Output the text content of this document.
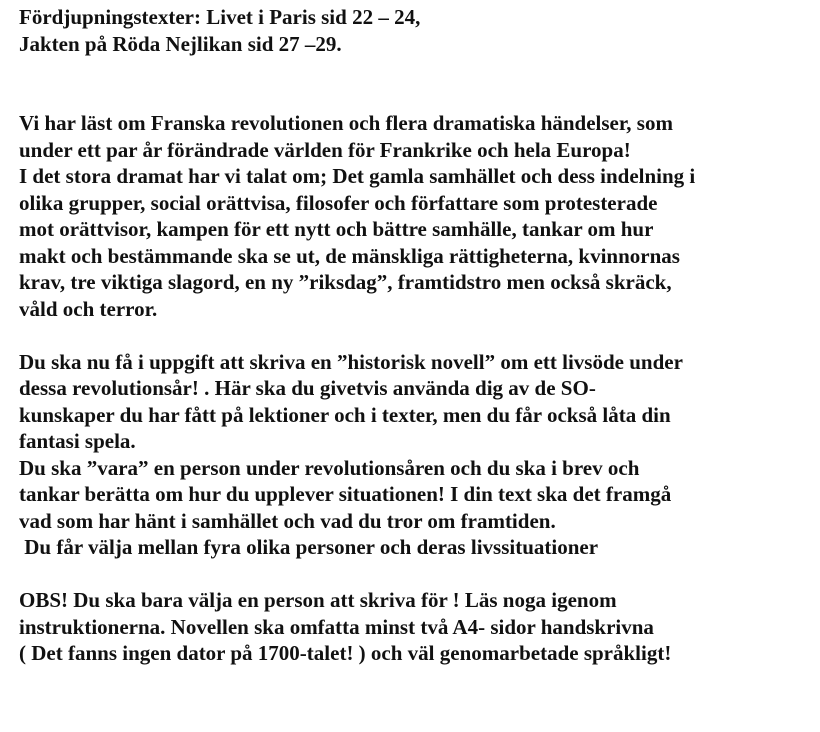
Fördjupningstexter: Livet i Paris sid 22 – 24,
Jakten på Röda Nejlikan sid 27 –29.
Vi har läst om Franska revolutionen och flera dramatiska händelser, som
under ett par år förändrade världen för Frankrike och hela Europa!
I det stora dramat har vi talat om; Det gamla samhället och dess indelning i
olika grupper, social orättvisa, filosofer och författare som protesterade
mot orättvisor, kampen för ett nytt och bättre samhälle, tankar om hur
makt och bestämmande ska se ut, de mänskliga rättigheterna, kvinnornas
krav, tre viktiga slagord, en ny ”riksdag”, framtidstro men också skräck,
våld och terror.
Du ska nu få i uppgift att skriva en ”historisk novell” om ett livsöde under
dessa revolutionsår! . Här ska du givetvis använda dig av de SO-
kunskaper du har fått på lektioner och i texter, men du får också låta din
fantasi spela.
Du ska ”vara” en person under revolutionsåren och du ska i brev och
tankar berätta om hur du upplever situationen! I din text ska det framgå
vad som har hänt i samhället och vad du tror om framtiden.
Du får välja mellan fyra olika personer och deras livssituationer
OBS! Du ska bara välja en person att skriva för ! Läs noga igenom
instruktionerna. Novellen ska omfatta minst två A4- sidor handskrivna
( Det fanns ingen dator på 1700-talet! ) och väl genomarbetade språkligt!
